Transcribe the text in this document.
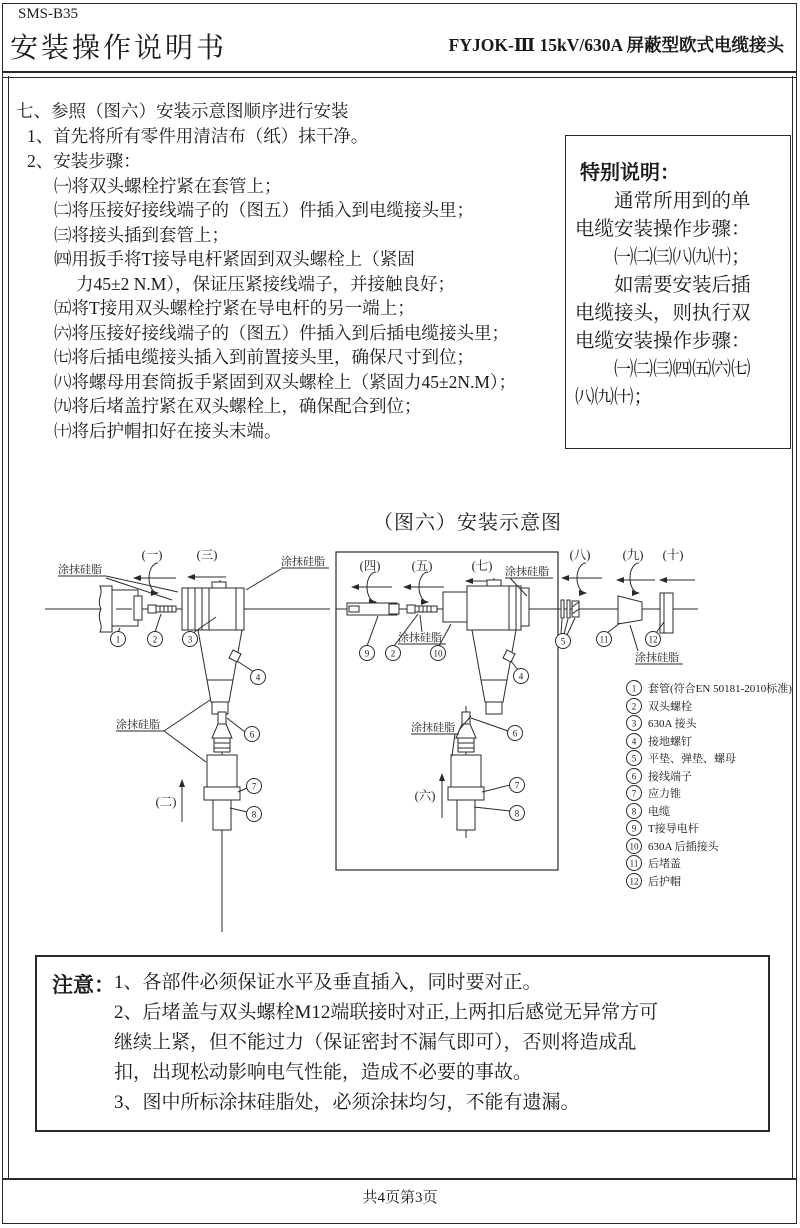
SMS-B35
安装操作说明书	FYJOK-Ⅲ 15kV/630A 屏蔽型欧式电缆接头
七、参照（图六）安装示意图顺序进行安装
1、首先将所有零件用清洁布（纸）抹干净。
2、安装步骤：
㈠将双头螺栓拧紧在套管上；
㈡将压接好接线端子的（图五）件插入到电缆接头里；
㈢将接头插到套管上；
㈣用扳手将T接导电杆紧固到双头螺栓上（紧固
力45±2 N.M），保证压紧接线端子，并接触良好；
㈤将T接用双头螺栓拧紧在导电杆的另一端上；
㈥将压接好接线端子的（图五）件插入到后插电缆接头里；
㈦将后插电缆接头插入到前置接头里，确保尺寸到位；
㈧将螺母用套筒扳手紧固到双头螺栓上（紧固力45±2N.M）；
㈨将后堵盖拧紧在双头螺栓上，确保配合到位；
㈩将后护帽扣好在接头末端。
特别说明：
　　通常所用到的单
电缆安装操作步骤：
　　㈠㈡㈢㈧㈨㈩；
　　如需要安装后插
电缆接头，则执行双
电缆安装操作步骤：
　　㈠㈡㈢㈣㈤㈥㈦
㈧㈨㈩；
（图六）安装示意图
(一)	(三)
(二)
(四) (五)	(七)
(六)
(八)	(九) (十)
涂抹硅脂
涂抹硅脂
涂抹硅脂
1	2	3
4
6
7
8
涂抹硅脂
涂抹硅脂
涂抹硅脂
9 2	10
4
6
7
8
涂抹硅脂
5	11	12
1 套管(符合EN 50181-2010标准)
2 双头螺栓
3 630A 接头
4 接地螺钉
5 平垫、弹垫、螺母
6 接线端子
7 应力锥
8 电缆
9 T接导电杆
10 630A 后插接头
11 后堵盖
12 后护帽
注意： 1、各部件必须保证水平及垂直插入，同时要对正。
2、后堵盖与双头螺栓M12端联接时对正,上两扣后感觉无异常方可
继续上紧，但不能过力（保证密封不漏气即可），否则将造成乱
扣，出现松动影响电气性能，造成不必要的事故。
3、图中所标涂抹硅脂处，必须涂抹均匀，不能有遗漏。
共4页第3页
